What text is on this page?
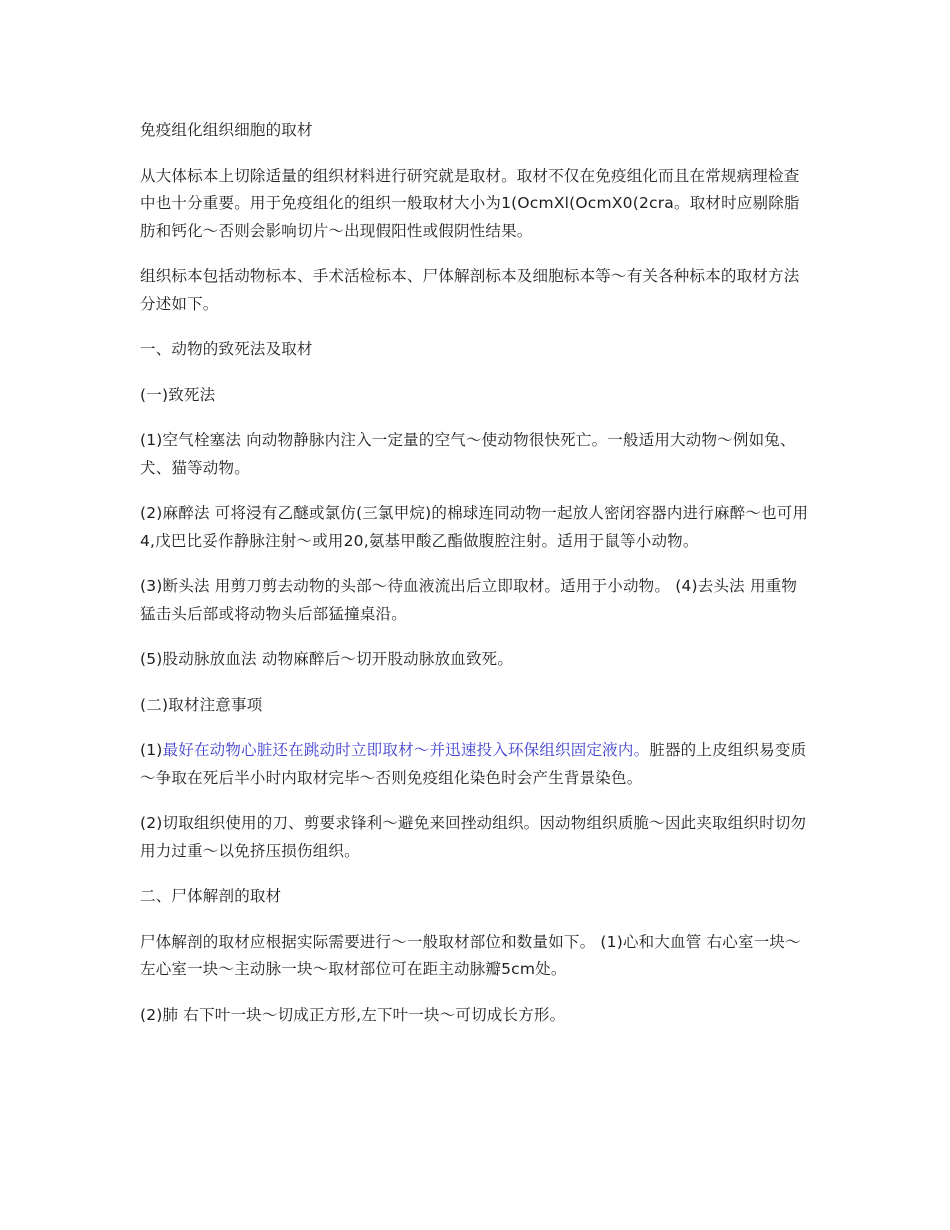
免疫组化组织细胞的取材

从大体标本上切除适量的组织材料进行研究就是取材。取材不仅在免疫组化而且在常规病理检查中也十分重要。用于免疫组化的组织一般取材大小为1(OcmXl(OcmX0(2cra。取材时应剔除脂肪和钙化～否则会影响切片～出现假阳性或假阴性结果。

组织标本包括动物标本、手术活检标本、尸体解剖标本及细胞标本等～有关各种标本的取材方法分述如下。

一、动物的致死法及取材

(一)致死法

(1)空气栓塞法 向动物静脉内注入一定量的空气～使动物很快死亡。一般适用大动物～例如兔、犬、猫等动物。

(2)麻醉法 可将浸有乙醚或氯仿(三氯甲烷)的棉球连同动物一起放人密闭容器内进行麻醉～也可用4,戊巴比妥作静脉注射～或用20,氨基甲酸乙酯做腹腔注射。适用于鼠等小动物。

(3)断头法 用剪刀剪去动物的头部～待血液流出后立即取材。适用于小动物。 (4)去头法 用重物猛击头后部或将动物头后部猛撞桌沿。

(5)股动脉放血法 动物麻醉后～切开股动脉放血致死。

(二)取材注意事项

(1)最好在动物心脏还在跳动时立即取材～并迅速投入环保组织固定液内。脏器的上皮组织易变质～争取在死后半小时内取材完毕～否则免疫组化染色时会产生背景染色。

(2)切取组织使用的刀、剪要求锋利～避免来回挫动组织。因动物组织质脆～因此夹取组织时切勿 用力过重～以免挤压损伤组织。

二、尸体解剖的取材

尸体解剖的取材应根据实际需要进行～一般取材部位和数量如下。 (1)心和大血管 右心室一块～左心室一块～主动脉一块～取材部位可在距主动脉瓣5cm处。

(2)肺 右下叶一块～切成正方形,左下叶一块～可切成长方形。
